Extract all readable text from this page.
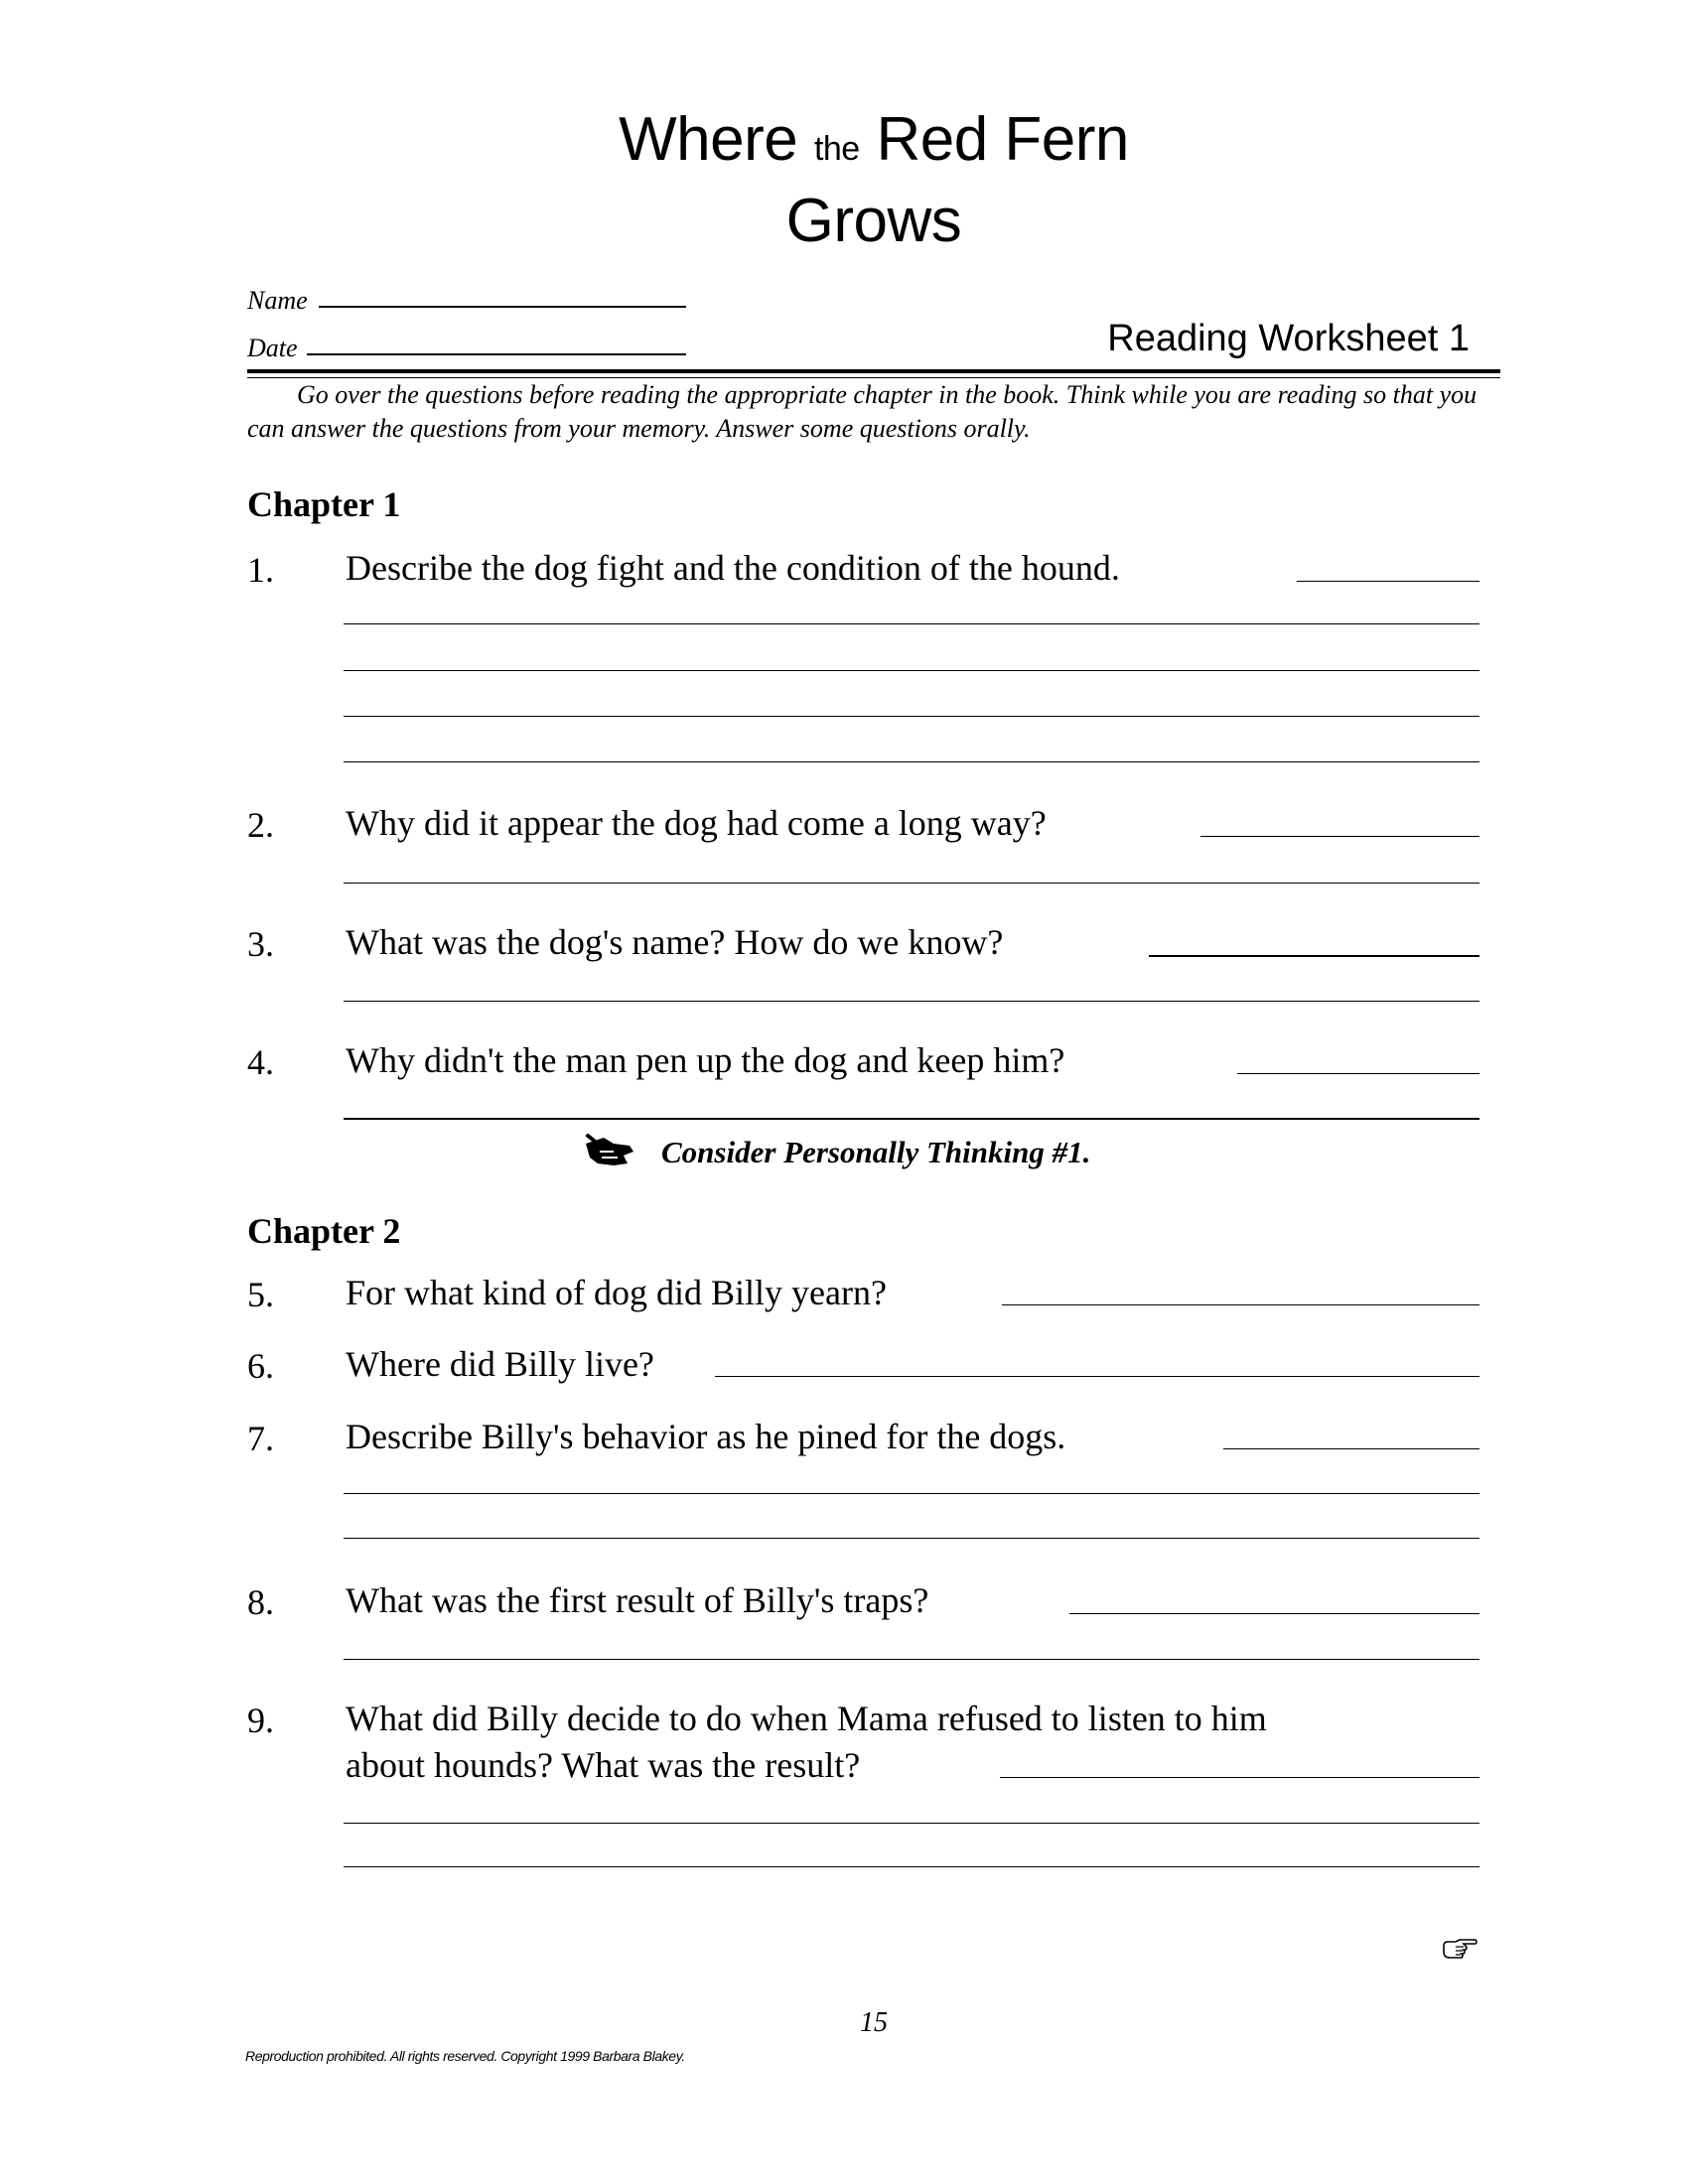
Where the Red Fern
Grows
Name
Date	Reading Worksheet 1
Go over the questions before reading the appropriate chapter in the book. Think while you are reading so that you can answer the questions from your memory. Answer some questions orally.
Chapter 1
1. Describe the dog fight and the condition of the hound.
2. Why did it appear the dog had come a long way?
3. What was the dog's name? How do we know?
4. Why didn't the man pen up the dog and keep him?
Consider Personally Thinking #1.
Chapter 2
5. For what kind of dog did Billy yearn?
6. Where did Billy live?
7. Describe Billy's behavior as he pined for the dogs.
8. What was the first result of Billy's traps?
9. What did Billy decide to do when Mama refused to listen to him
about hounds? What was the result?
15
Reproduction prohibited. All rights reserved. Copyright 1999 Barbara Blakey.
